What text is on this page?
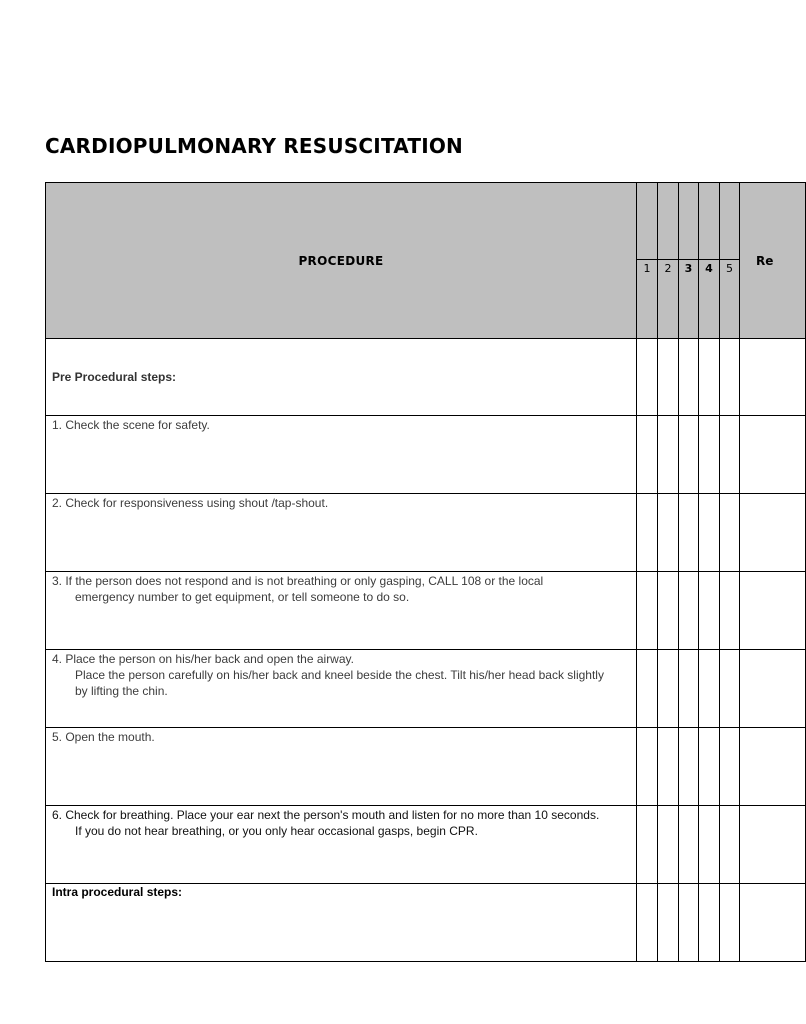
CARDIOPULMONARY RESUSCITATION
PROCEDURE						Re
	1	2	3	4	5	
Pre Procedural steps:						

1. Check the scene for safety.						

2. Check for responsiveness using shout /tap-shout.						

3. If the person does not respond and is not breathing or only gasping, CALL 108 or the local
emergency number to get equipment, or tell someone to do so.						

4. Place the person on his/her back and open the airway.
Place the person carefully on his/her back and kneel beside the chest. Tilt his/her head back slightly
by lifting the chin.						

5. Open the mouth.						

6. Check for breathing. Place your ear next the person's mouth and listen for no more than 10 seconds.
If you do not hear breathing, or you only hear occasional gasps, begin CPR.						

Intra procedural steps:						
